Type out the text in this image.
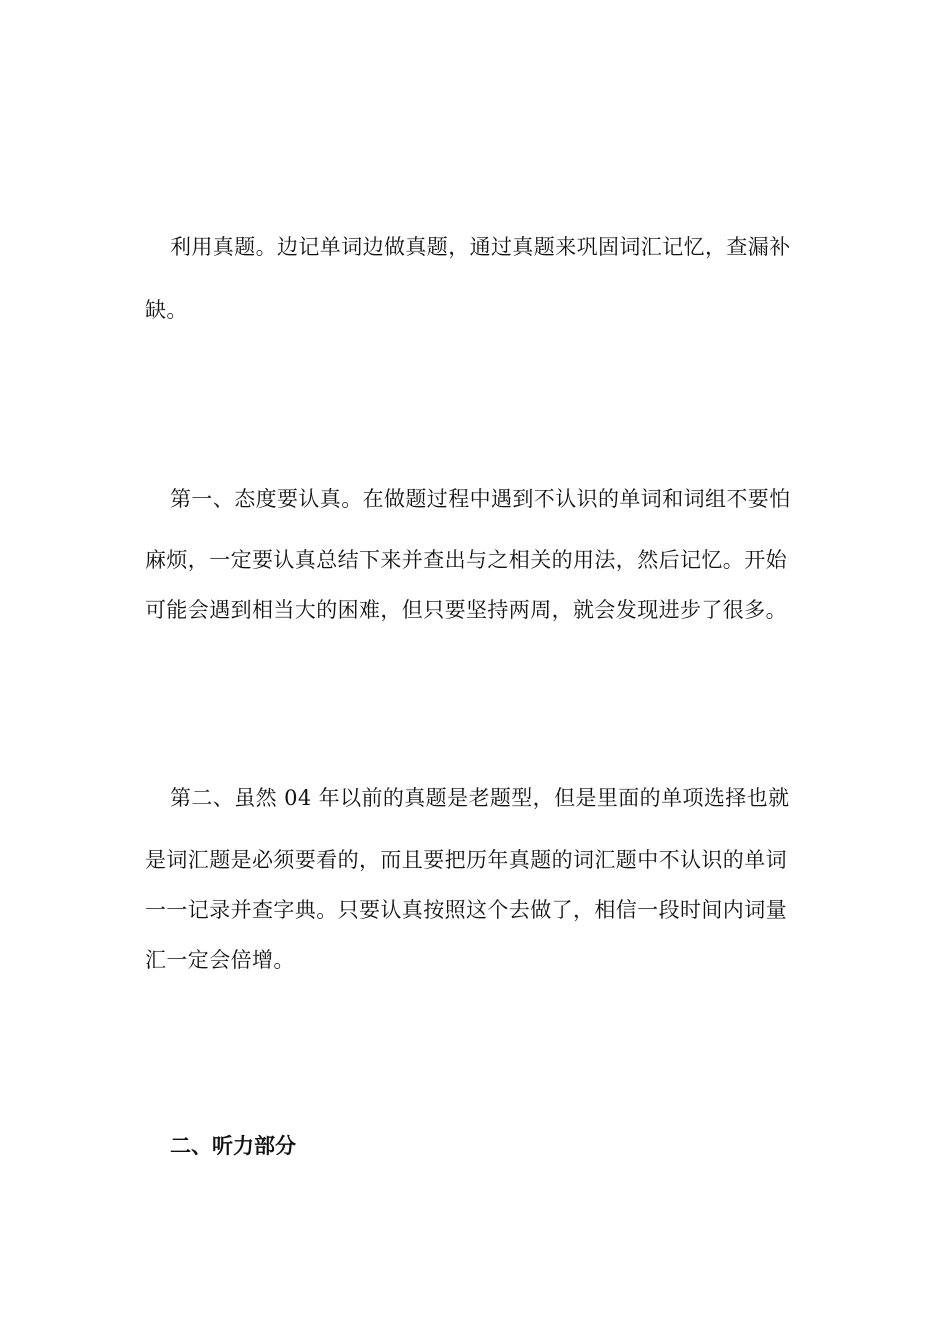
利用真题。边记单词边做真题，通过真题来巩固词汇记忆，查漏补
缺。
第一、态度要认真。在做题过程中遇到不认识的单词和词组不要怕
麻烦，一定要认真总结下来并查出与之相关的用法，然后记忆。开始
可能会遇到相当大的困难，但只要坚持两周，就会发现进步了很多。
第二、虽然 04 年以前的真题是老题型，但是里面的单项选择也就
是词汇题是必须要看的，而且要把历年真题的词汇题中不认识的单词
一一记录并查字典。只要认真按照这个去做了，相信一段时间内词量
汇一定会倍增。
二、听力部分
